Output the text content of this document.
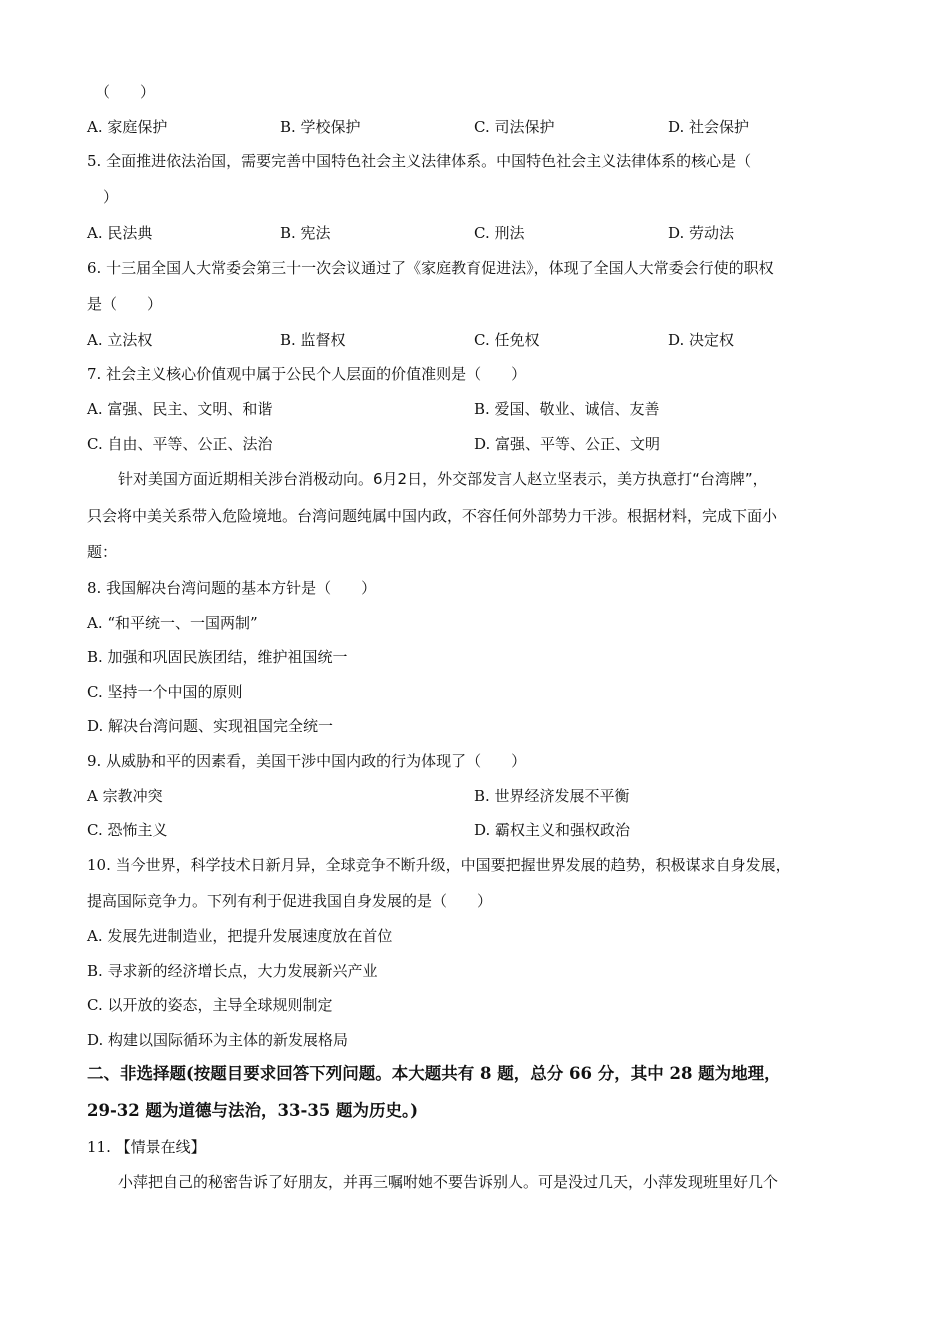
（　　）
A. 家庭保护	B. 学校保护	C. 司法保护	D. 社会保护
5. 全面推进依法治国，需要完善中国特色社会主义法律体系。中国特色社会主义法律体系的核心是（
）
A. 民法典	B. 宪法	C. 刑法	D. 劳动法
6. 十三届全国人大常委会第三十一次会议通过了《家庭教育促进法》，体现了全国人大常委会行使的职权
是（　　）
A. 立法权	B. 监督权	C. 任免权	D. 决定权
7. 社会主义核心价值观中属于公民个人层面的价值准则是（　　）
A. 富强、民主、文明、和谐	B. 爱国、敬业、诚信、友善
C. 自由、平等、公正、法治	D. 富强、平等、公正、文明
针对美国方面近期相关涉台消极动向。6月2日，外交部发言人赵立坚表示，美方执意打“台湾牌”，
只会将中美关系带入危险境地。台湾问题纯属中国内政，不容任何外部势力干涉。根据材料，完成下面小
题：
8. 我国解决台湾问题的基本方针是（　　）
A. “和平统一、一国两制”
B. 加强和巩固民族团结，维护祖国统一
C. 坚持一个中国的原则
D. 解决台湾问题、实现祖国完全统一
9. 从威胁和平的因素看，美国干涉中国内政的行为体现了（　　）
A 宗教冲突	B. 世界经济发展不平衡
C. 恐怖主义	D. 霸权主义和强权政治
10. 当今世界，科学技术日新月异，全球竞争不断升级，中国要把握世界发展的趋势，积极谋求自身发展，
提高国际竞争力。下列有利于促进我国自身发展的是（　　）
A. 发展先进制造业，把提升发展速度放在首位
B. 寻求新的经济增长点，大力发展新兴产业
C. 以开放的姿态，主导全球规则制定
D. 构建以国际循环为主体的新发展格局
二、非选择题(按题目要求回答下列问题。本大题共有 8 题，总分 66 分，其中 28 题为地理，
29-32 题为道德与法治，33-35 题为历史。)
11. 【情景在线】
小萍把自己的秘密告诉了好朋友，并再三嘱咐她不要告诉别人。可是没过几天，小萍发现班里好几个
